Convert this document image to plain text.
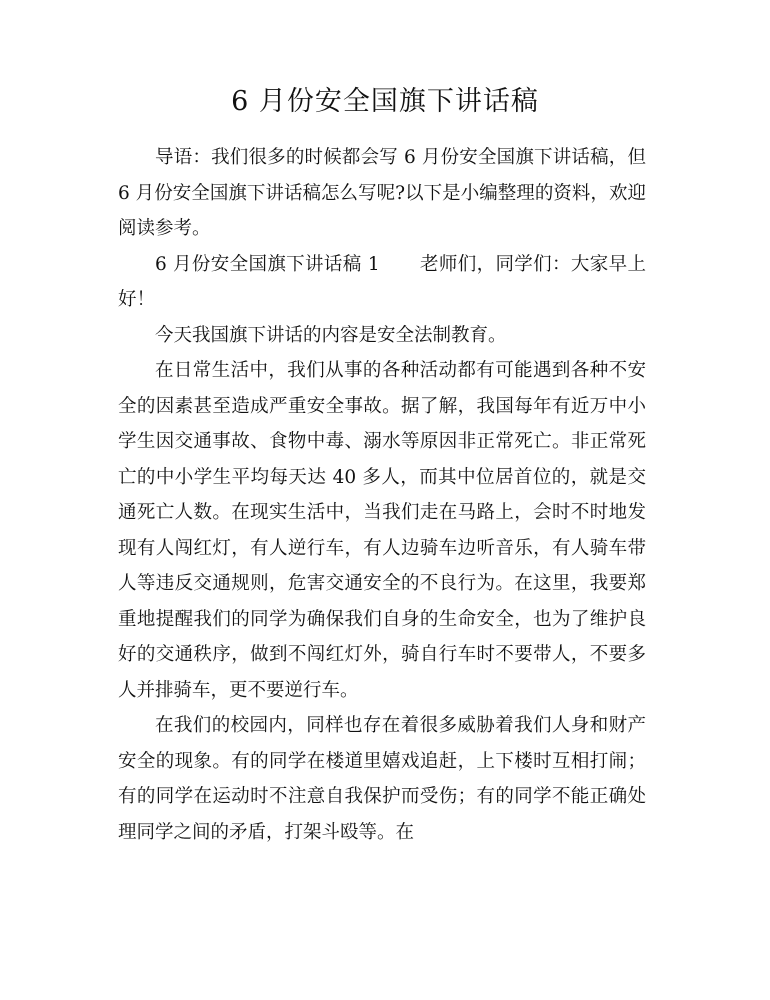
6 月份安全国旗下讲话稿

导语：我们很多的时候都会写 6 月份安全国旗下讲话稿，但 6 月份安全国旗下讲话稿怎么写呢?以下是小编整理的资料，欢迎阅读参考。

6 月份安全国旗下讲话稿 1 老师们，同学们：大家早上好！

今天我国旗下讲话的内容是安全法制教育。

在日常生活中，我们从事的各种活动都有可能遇到各种不安全的因素甚至造成严重安全事故。据了解，我国每年有近万中小学生因交通事故、食物中毒、溺水等原因非正常死亡。非正常死亡的中小学生平均每天达 40 多人，而其中位居首位的，就是交通死亡人数。在现实生活中，当我们走在马路上，会时不时地发现有人闯红灯，有人逆行车，有人边骑车边听音乐，有人骑车带人等违反交通规则，危害交通安全的不良行为。在这里，我要郑重地提醒我们的同学为确保我们自身的生命安全，也为了维护良好的交通秩序，做到不闯红灯外，骑自行车时不要带人，不要多人并排骑车，更不要逆行车。

在我们的校园内，同样也存在着很多威胁着我们人身和财产安全的现象。有的同学在楼道里嬉戏追赶，上下楼时互相打闹；有的同学在运动时不注意自我保护而受伤；有的同学不能正确处理同学之间的矛盾，打架斗殴等。在
